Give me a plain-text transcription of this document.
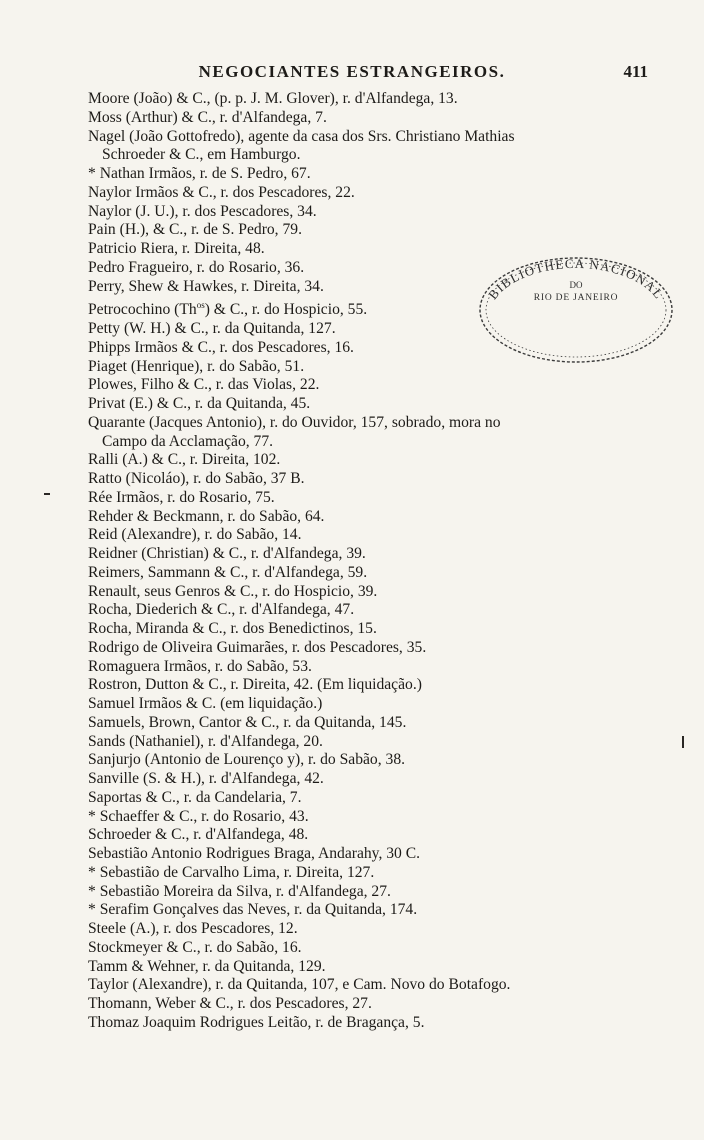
NEGOCIANTES ESTRANGEIROS.	411
Moore (João) & C., (p. p. J. M. Glover), r. d'Alfandega, 13.
Moss (Arthur) & C., r. d'Alfandega, 7.
Nagel (João Gottofredo), agente da casa dos Srs. Christiano Mathias
Schroeder & C., em Hamburgo.
* Nathan Irmãos, r. de S. Pedro, 67.
Naylor Irmãos & C., r. dos Pescadores, 22.
Naylor (J. U.), r. dos Pescadores, 34.
Pain (H.), & C., r. de S. Pedro, 79.
Patricio Riera, r. Direita, 48.
Pedro Fragueiro, r. do Rosario, 36.
Perry, Shew & Hawkes, r. Direita, 34.
Petrocochino $(Th^{os})$ & C., r. do Hospicio, 55.
Petty (W. H.) & C., r. da Quitanda, 127.
Phipps Irmãos & C., r. dos Pescadores, 16.
Piaget (Henrique), r. do Sabão, 51.
Plowes, Filho & C., r. das Violas, 22.
Privat (E.) & C., r. da Quitanda, 45.
Quarante (Jacques Antonio), r. do Ouvidor, 157, sobrado, mora no
Campo da Acclamação, 77.
Ralli (A.) & C., r. Direita, 102.
Ratto (Nicoláo), r. do Sabão, 37 B.
Rée Irmãos, r. do Rosario, 75.
Rehder & Beckmann, r. do Sabão, 64.
Reid (Alexandre), r. do Sabão, 14.
Reidner (Christian) & C., r. d'Alfandega, 39.
Reimers, Sammann & C., r. d'Alfandega, 59.
Renault, seus Genros & C., r. do Hospicio, 39.
Rocha, Diederich & C., r. d'Alfandega, 47.
Rocha, Miranda & C., r. dos Benedictinos, 15.
Rodrigo de Oliveira Guimarães, r. dos Pescadores, 35.
Romaguera Irmãos, r. do Sabão, 53.
Rostron, Dutton & C., r. Direita, 42. (Em liquidação.)
Samuel Irmãos & C. (em liquidação.)
Samuels, Brown, Cantor & C., r. da Quitanda, 145.
Sands (Nathaniel), r. d'Alfandega, 20.
Sanjurjo (Antonio de Lourenço y), r. do Sabão, 38.
Sanville (S. & H.), r. d'Alfandega, 42.
Saportas & C., r. da Candelaria, 7.
* Schaeffer & C., r. do Rosario, 43.
Schroeder & C., r. d'Alfandega, 48.
Sebastião Antonio Rodrigues Braga, Andarahy, 30 C.
* Sebastião de Carvalho Lima, r. Direita, 127.
* Sebastião Moreira da Silva, r. d'Alfandega, 27.
* Serafim Gonçalves das Neves, r. da Quitanda, 174.
Steele (A.), r. dos Pescadores, 12.
Stockmeyer & C., r. do Sabão, 16.
Tamm & Wehner, r. da Quitanda, 129.
Taylor (Alexandre), r. da Quitanda, 107, e Cam. Novo do Botafogo.
Thomann, Weber & C., r. dos Pescadores, 27.
Thomaz Joaquim Rodrigues Leitão, r. de Bragança, 5.
BIBLIOTHECA NACIONAL
DO
RIO DE JANEIRO
